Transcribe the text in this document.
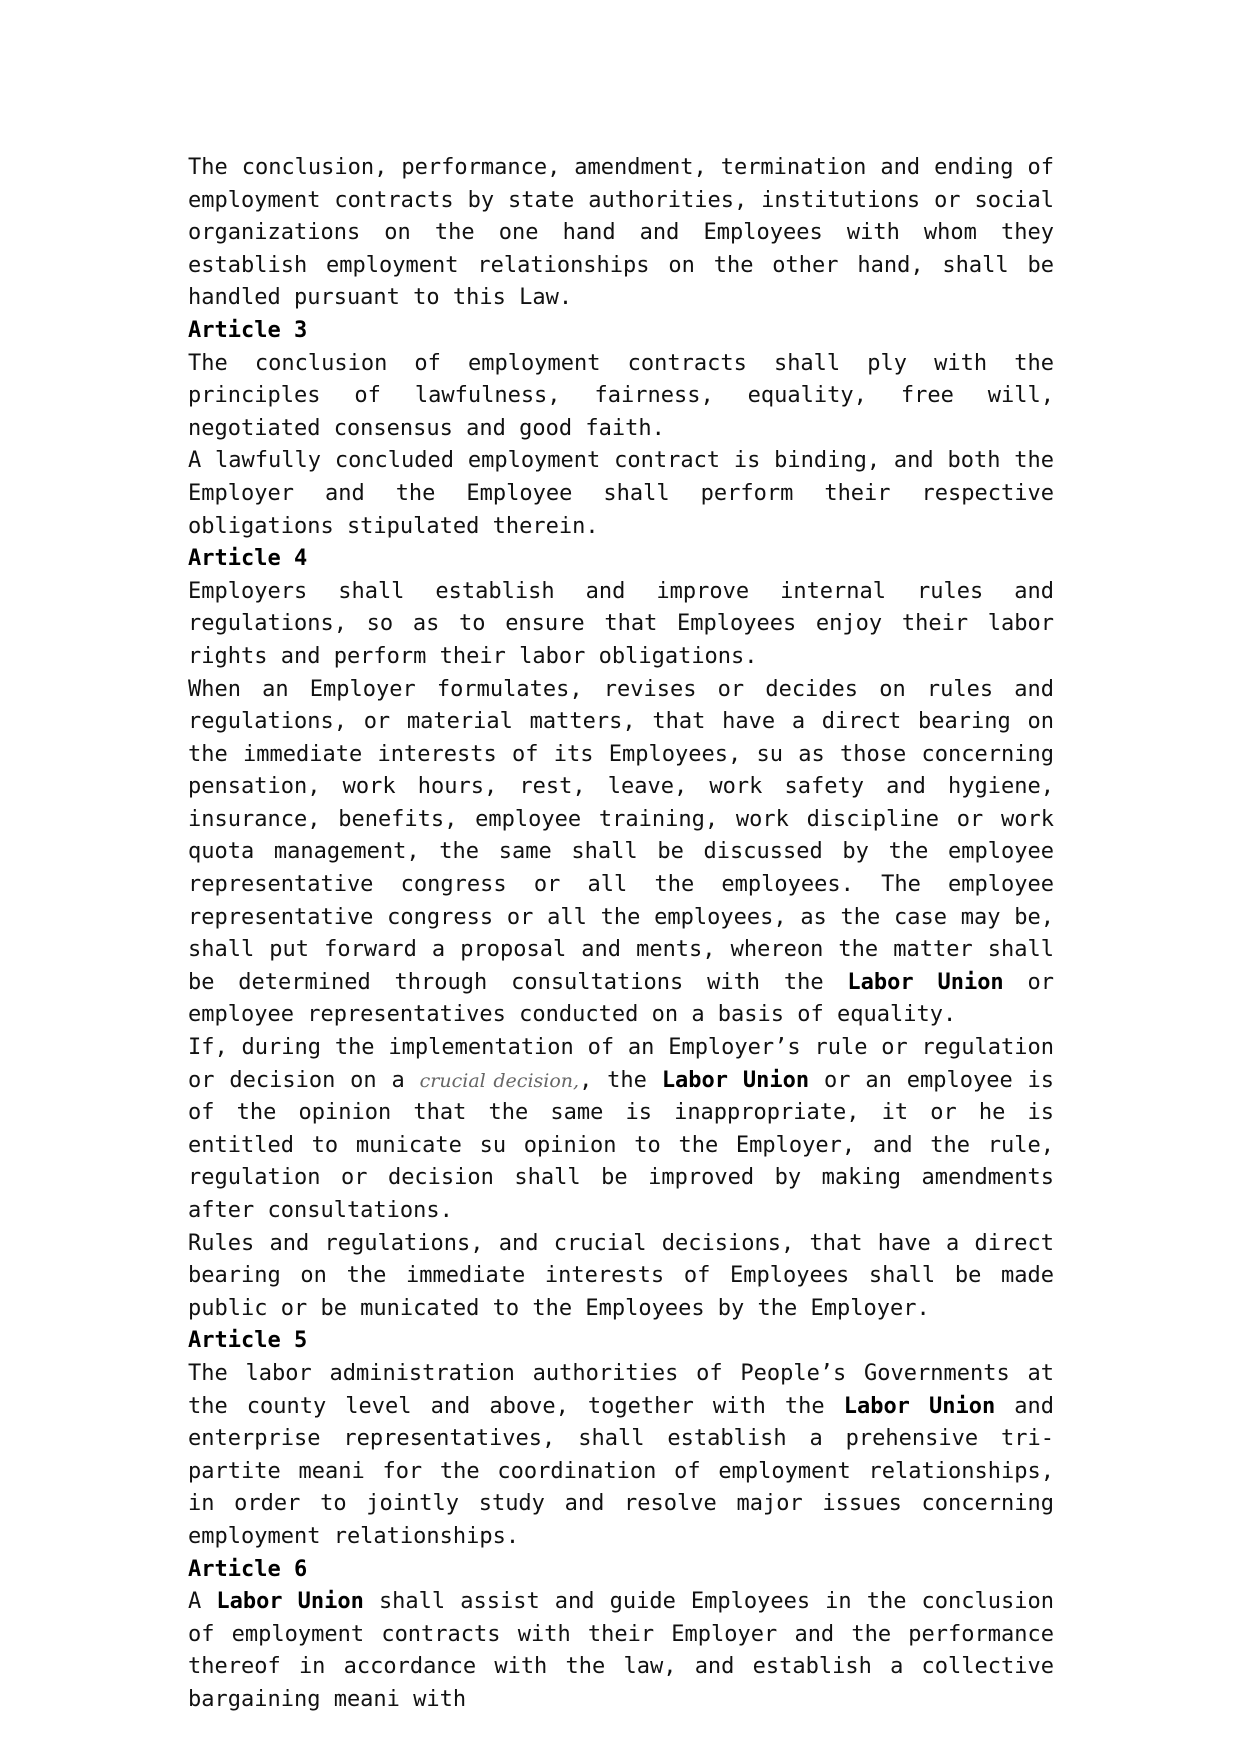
The conclusion, performance, amendment, termination and ending of employment contracts by state authorities, institutions or social organizations on the one hand and Employees with whom they establish employment relationships on the other hand, shall be handled pursuant to this Law.

Article 3

The conclusion of employment contracts shall ply with the principles of lawfulness, fairness, equality, free will, negotiated consensus and good faith.

A lawfully concluded employment contract is binding, and both the Employer and the Employee shall perform their respective obligations stipulated therein.

Article 4

Employers shall establish and improve internal rules and regulations, so as to ensure that Employees enjoy their labor rights and perform their labor obligations.

When an Employer formulates, revises or decides on rules and regulations, or material matters, that have a direct bearing on the immediate interests of its Employees, su as those concerning pensation, work hours, rest, leave, work safety and hygiene, insurance, benefits, employee training, work discipline or work quota management, the same shall be discussed by the employee representative congress or all the employees. The employee representative congress or all the employees, as the case may be, shall put forward a proposal and ments, whereon the matter shall be determined through consultations with the Labor Union or employee representatives conducted on a basis of equality.

If, during the implementation of an Employer’s rule or regulation or decision on a crucial decision,, the Labor Union or an employee is of the opinion that the same is inappropriate, it or he is entitled to municate su opinion to the Employer, and the rule, regulation or decision shall be improved by making amendments after consultations.

Rules and regulations, and crucial decisions, that have a direct bearing on the immediate interests of Employees shall be made public or be municated to the Employees by the Employer.

Article 5

The labor administration authorities of People’s Governments at the county level and above, together with the Labor Union and enterprise representatives, shall establish a prehensive tri-partite meani for the coordination of employment relationships, in order to jointly study and resolve major issues concerning employment relationships.

Article 6

A Labor Union shall assist and guide Employees in the conclusion of employment contracts with their Employer and the performance thereof in accordance with the law, and establish a collective bargaining meani with
